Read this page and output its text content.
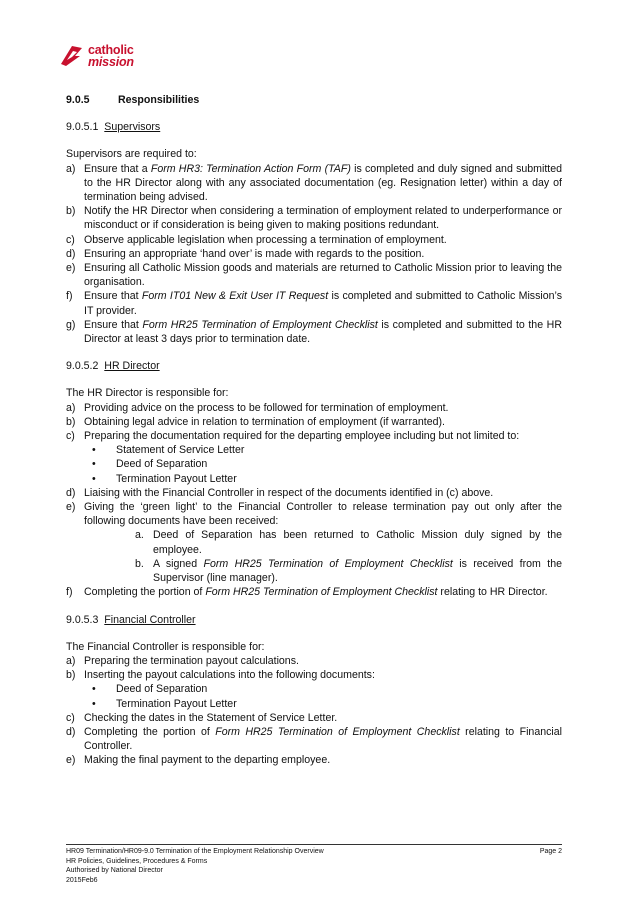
catholic
mission

9.0.5	Responsibilities

9.0.5.1 Supervisors

Supervisors are required to:

a) Ensure that a Form HR3: Termination Action Form (TAF) is completed and duly signed and submitted to the HR Director along with any associated documentation (eg. Resignation letter) within a day of termination being advised.
b) Notify the HR Director when considering a termination of employment related to underperformance or misconduct or if consideration is being given to making positions redundant.
c) Observe applicable legislation when processing a termination of employment.
d) Ensuring an appropriate ‘hand over’ is made with regards to the position.
e) Ensuring all Catholic Mission goods and materials are returned to Catholic Mission prior to leaving the organisation.
f)	Ensure that Form IT01 New & Exit User IT Request is completed and submitted to Catholic Mission’s IT provider.
g) Ensure that Form HR25 Termination of Employment Checklist is completed and submitted to the HR Director at least 3 days prior to termination date.

9.0.5.2 HR Director

The HR Director is responsible for:

a) Providing advice on the process to be followed for termination of employment.
b) Obtaining legal advice in relation to termination of employment (if warranted).
c) Preparing the documentation required for the departing employee including but not limited to:
•	Statement of Service Letter
•	Deed of Separation
•	Termination Payout Letter
d) Liaising with the Financial Controller in respect of the documents identified in (c) above.
e) Giving the ‘green light’ to the Financial Controller to release termination pay out only after the following documents have been received:
a. Deed of Separation has been returned to Catholic Mission duly signed by the employee.
b. A signed Form HR25 Termination of Employment Checklist is received from the Supervisor (line manager).
f)	Completing the portion of Form HR25 Termination of Employment Checklist relating to HR Director.

9.0.5.3 Financial Controller

The Financial Controller is responsible for:

a) Preparing the termination payout calculations.
b) Inserting the payout calculations into the following documents:
•	Deed of Separation
•	Termination Payout Letter
c) Checking the dates in the Statement of Service Letter.
d) Completing the portion of Form HR25 Termination of Employment Checklist relating to Financial Controller.
e) Making the final payment to the departing employee.
HR09 Termination/HR09-9.0 Termination of the Employment Relationship Overview	Page 2
HR Policies, Guidelines, Procedures & Forms
Authorised by National Director
2015Feb6
